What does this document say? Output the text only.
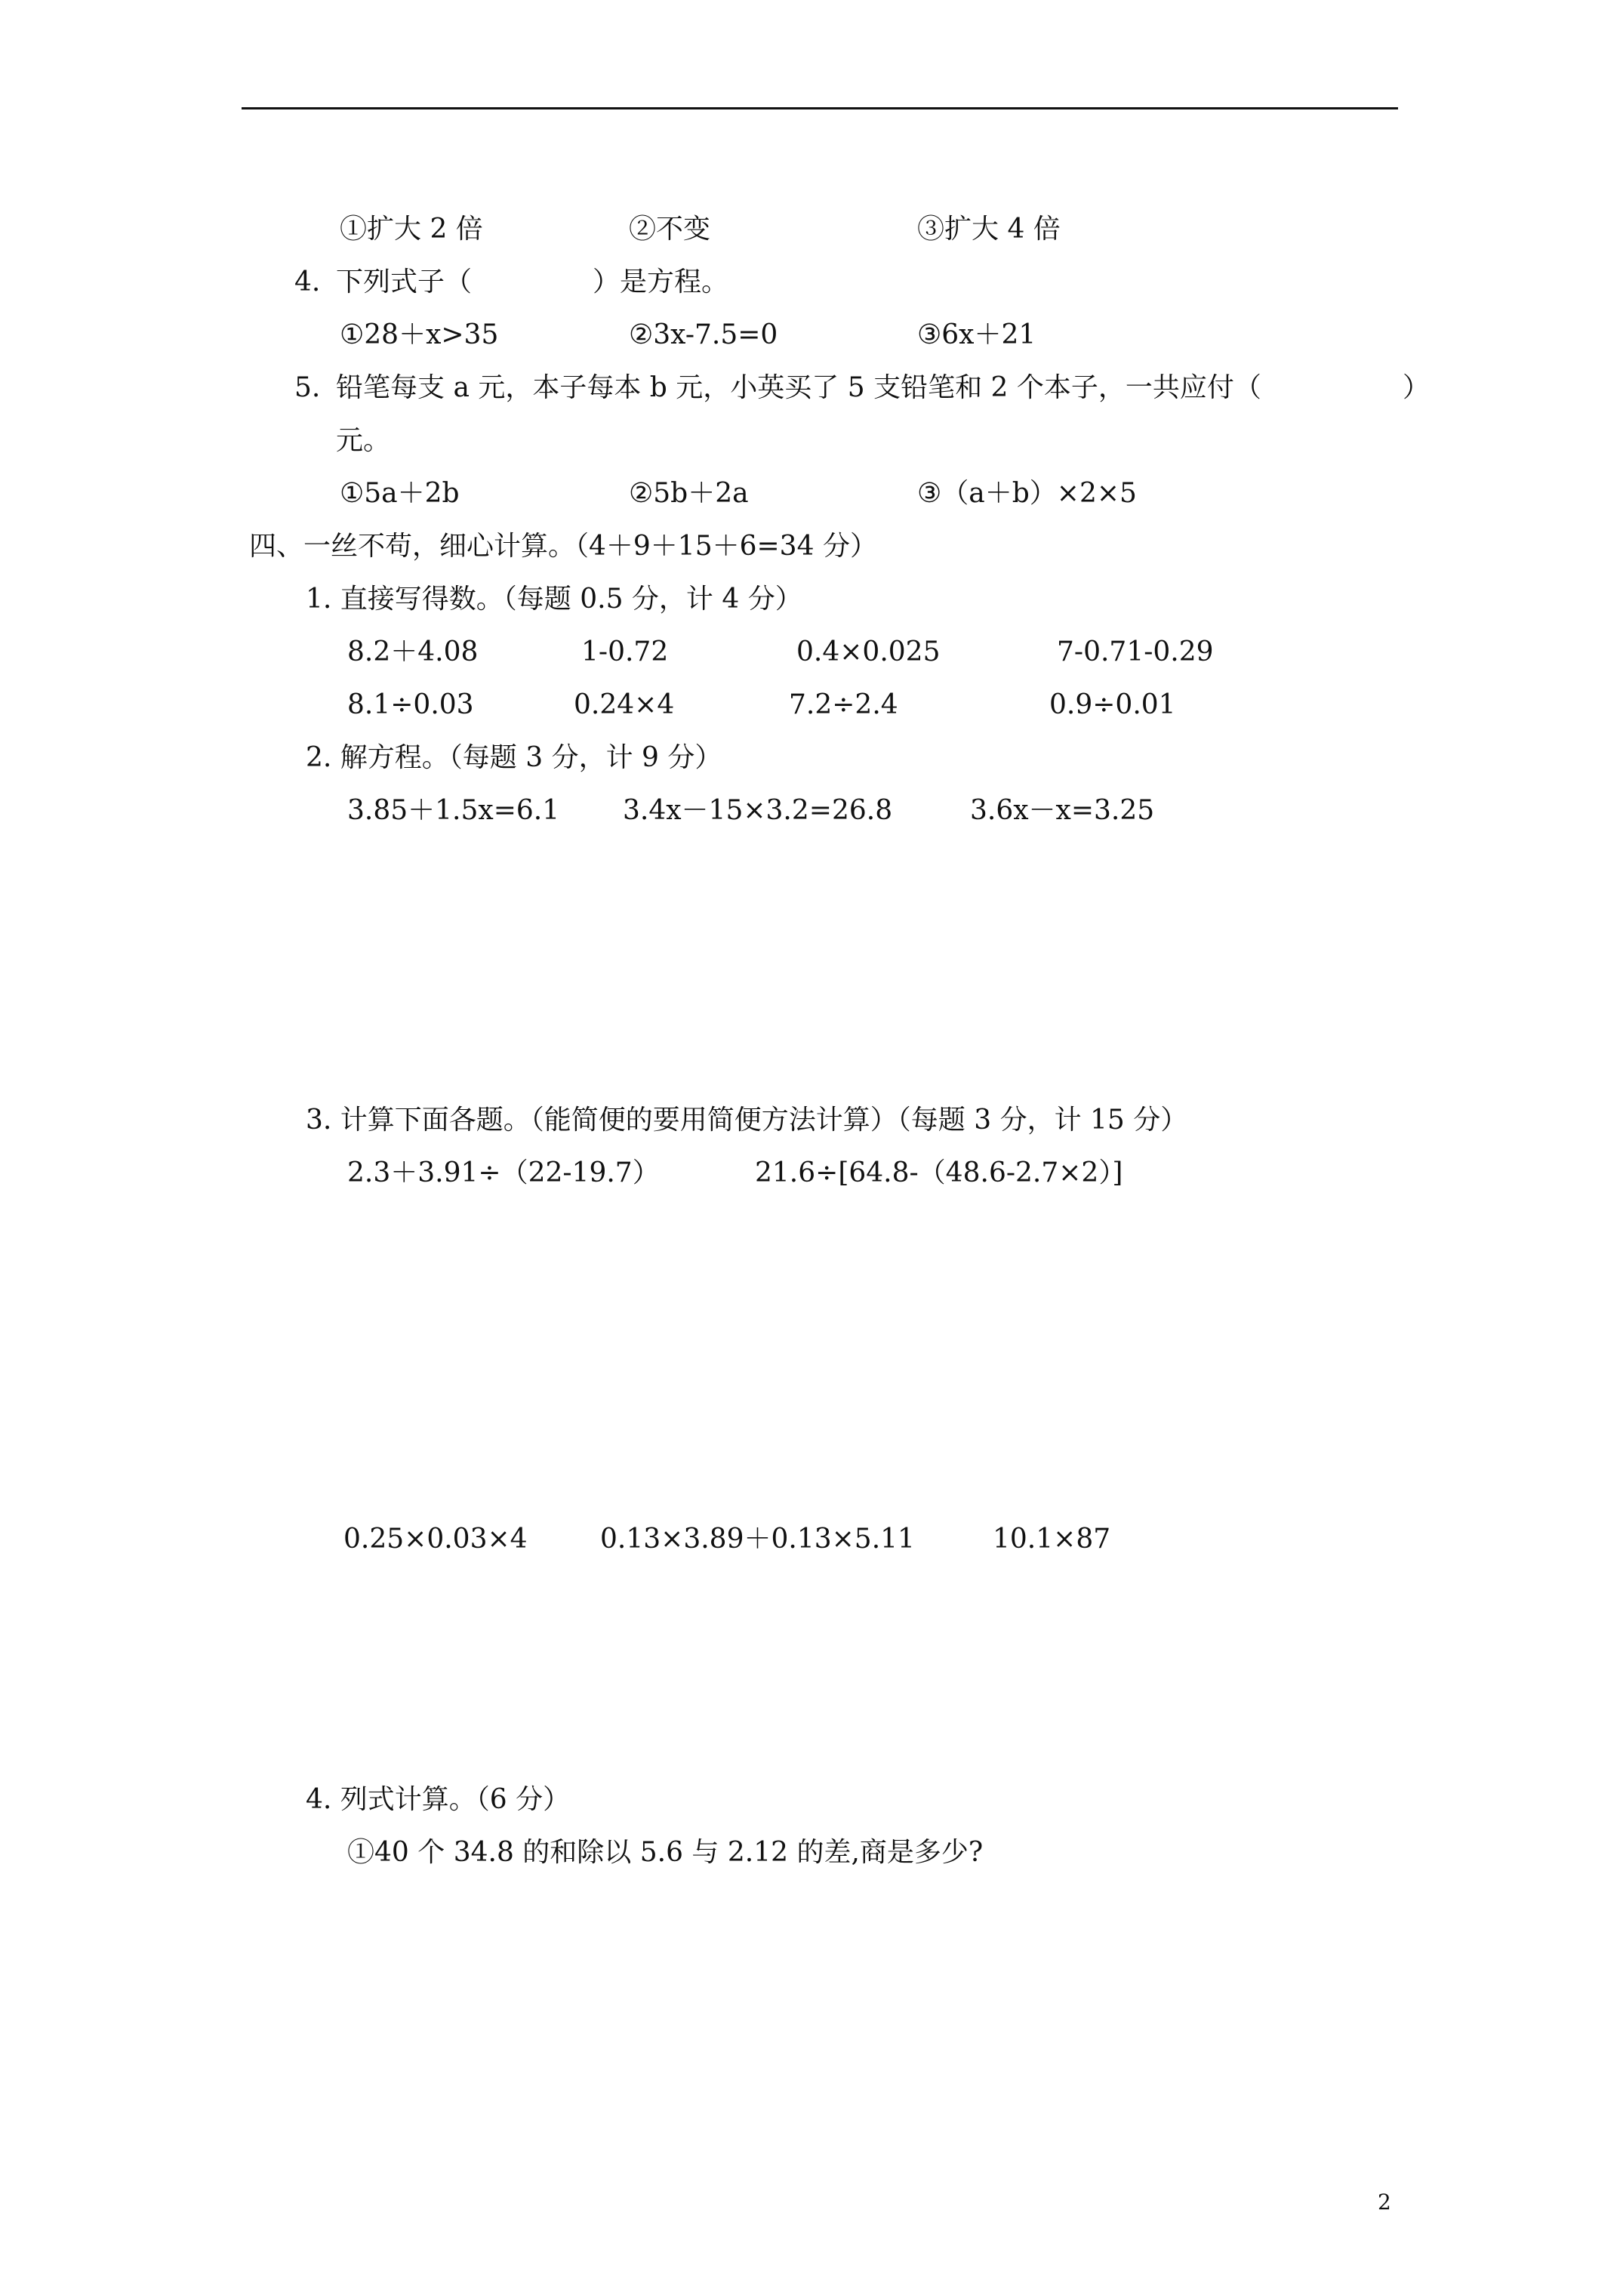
①扩大 2 倍	②不变	③扩大 4 倍
4. 下列式子（	）是方程。
①28＋x>35	②3x-7.5=0	③6x＋21
5. 铅笔每支 a 元，本子每本 b 元，小英买了 5 支铅笔和 2 个本子，一共应付（	）
元。
①5a＋2b	②5b＋2a	③（a＋b）×2×5
四、一丝不苟，细心计算。（4＋9＋15＋6=34 分）
1. 直接写得数。（每题 0.5 分，计 4 分）
8.2＋4.08	1-0.72	0.4×0.025	7-0.71-0.29
8.1÷0.03	0.24×4	7.2÷2.4	0.9÷0.01
2. 解方程。（每题 3 分，计 9 分）
3.85＋1.5x=6.1 3.4x－15×3.2=26.8	3.6x－x=3.25
3. 计算下面各题。（能简便的要用简便方法计算）（每题 3 分，计 15 分）
2.3＋3.91÷（22-19.7）	21.6÷[64.8-（48.6-2.7×2）]
0.25×0.03×4	0.13×3.89＋0.13×5.11	10.1×87
4. 列式计算。（6 分）
①40 个 34.8 的和除以 5.6 与 2.12 的差,商是多少?
2
